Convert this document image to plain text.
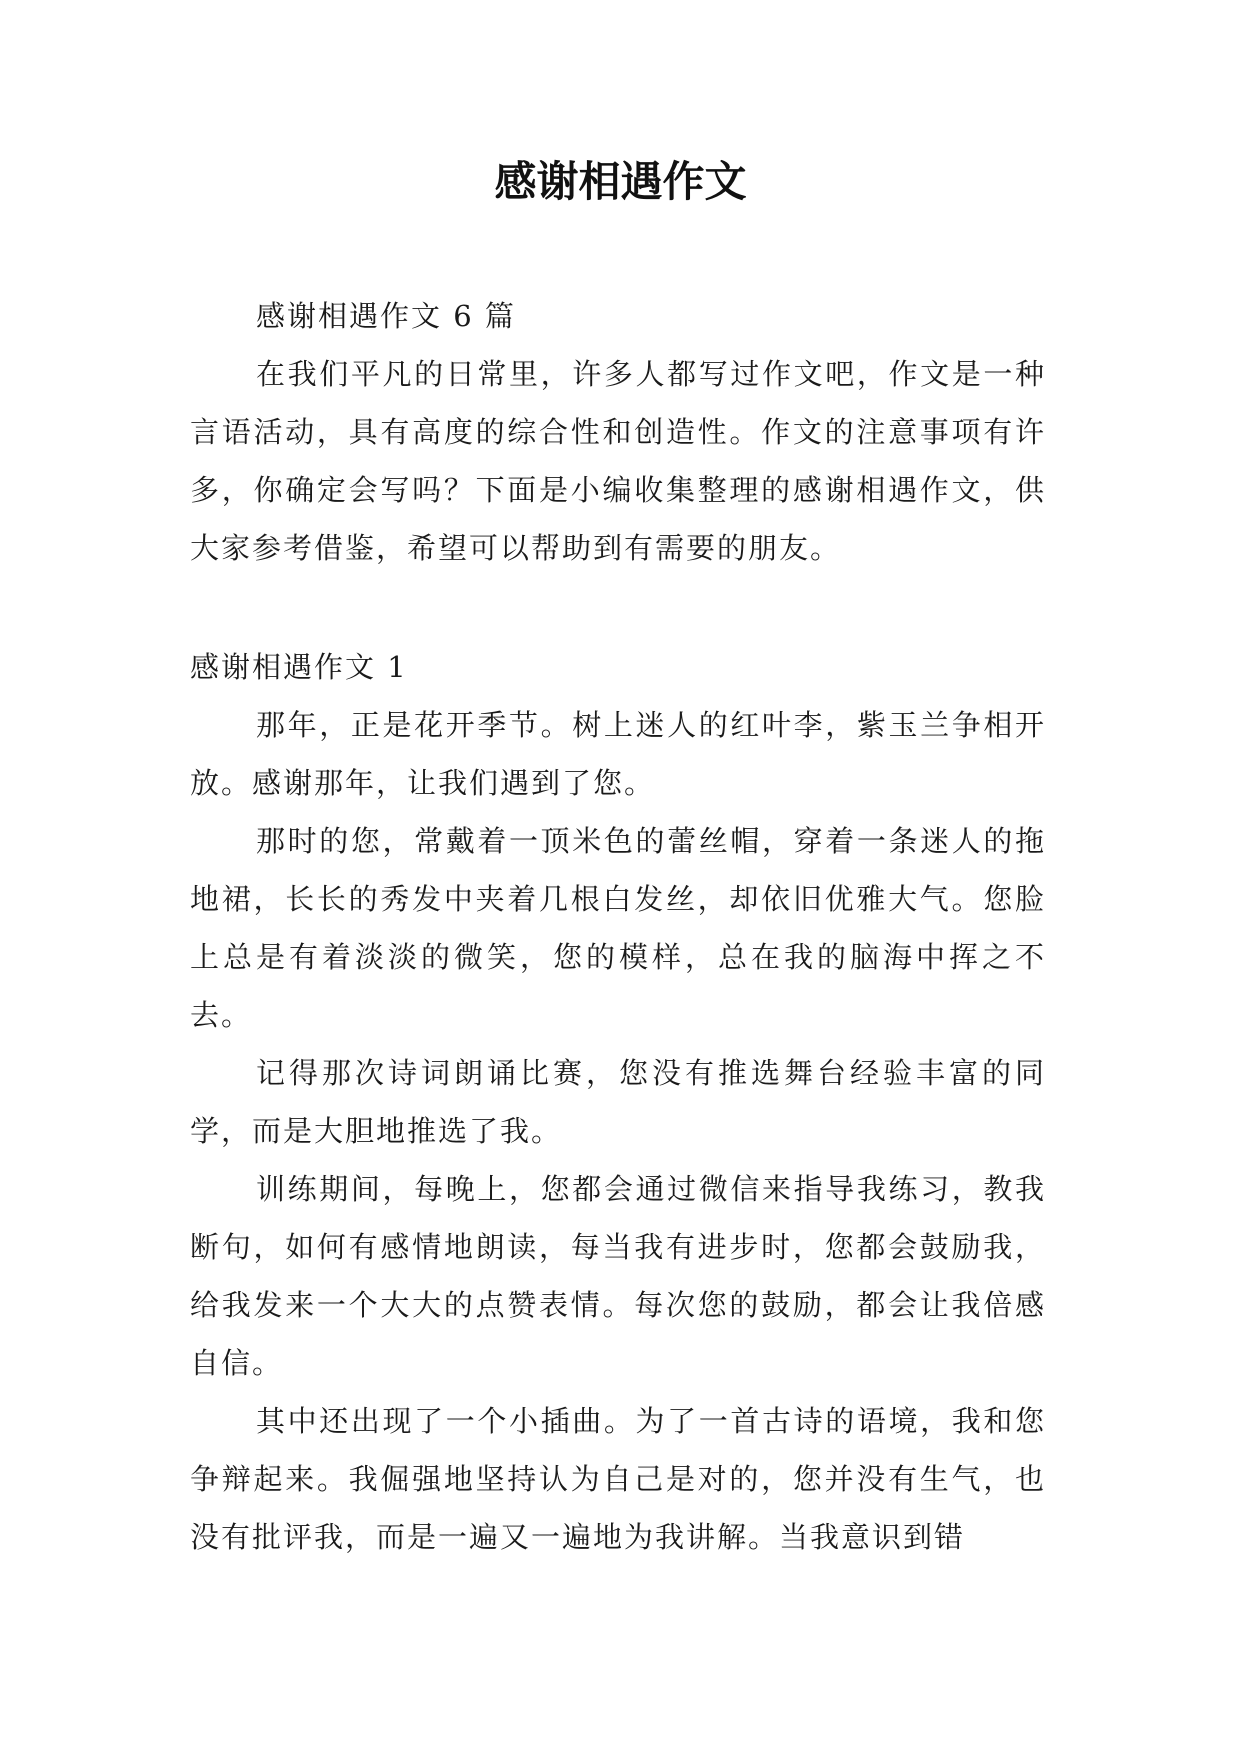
感谢相遇作文

感谢相遇作文 6 篇

在我们平凡的日常里，许多人都写过作文吧，作文是一种言语活动，具有高度的综合性和创造性。作文的注意事项有许多，你确定会写吗？下面是小编收集整理的感谢相遇作文，供大家参考借鉴，希望可以帮助到有需要的朋友。

感谢相遇作文 1

那年，正是花开季节。树上迷人的红叶李，紫玉兰争相开放。感谢那年，让我们遇到了您。

那时的您，常戴着一顶米色的蕾丝帽，穿着一条迷人的拖地裙，长长的秀发中夹着几根白发丝，却依旧优雅大气。您脸上总是有着淡淡的微笑，您的模样，总在我的脑海中挥之不去。

记得那次诗词朗诵比赛，您没有推选舞台经验丰富的同学，而是大胆地推选了我。

训练期间，每晚上，您都会通过微信来指导我练习，教我断句，如何有感情地朗读，每当我有进步时，您都会鼓励我，给我发来一个大大的点赞表情。每次您的鼓励，都会让我倍感自信。

其中还出现了一个小插曲。为了一首古诗的语境，我和您争辩起来。我倔强地坚持认为自己是对的，您并没有生气，也没有批评我，而是一遍又一遍地为我讲解。当我意识到错
